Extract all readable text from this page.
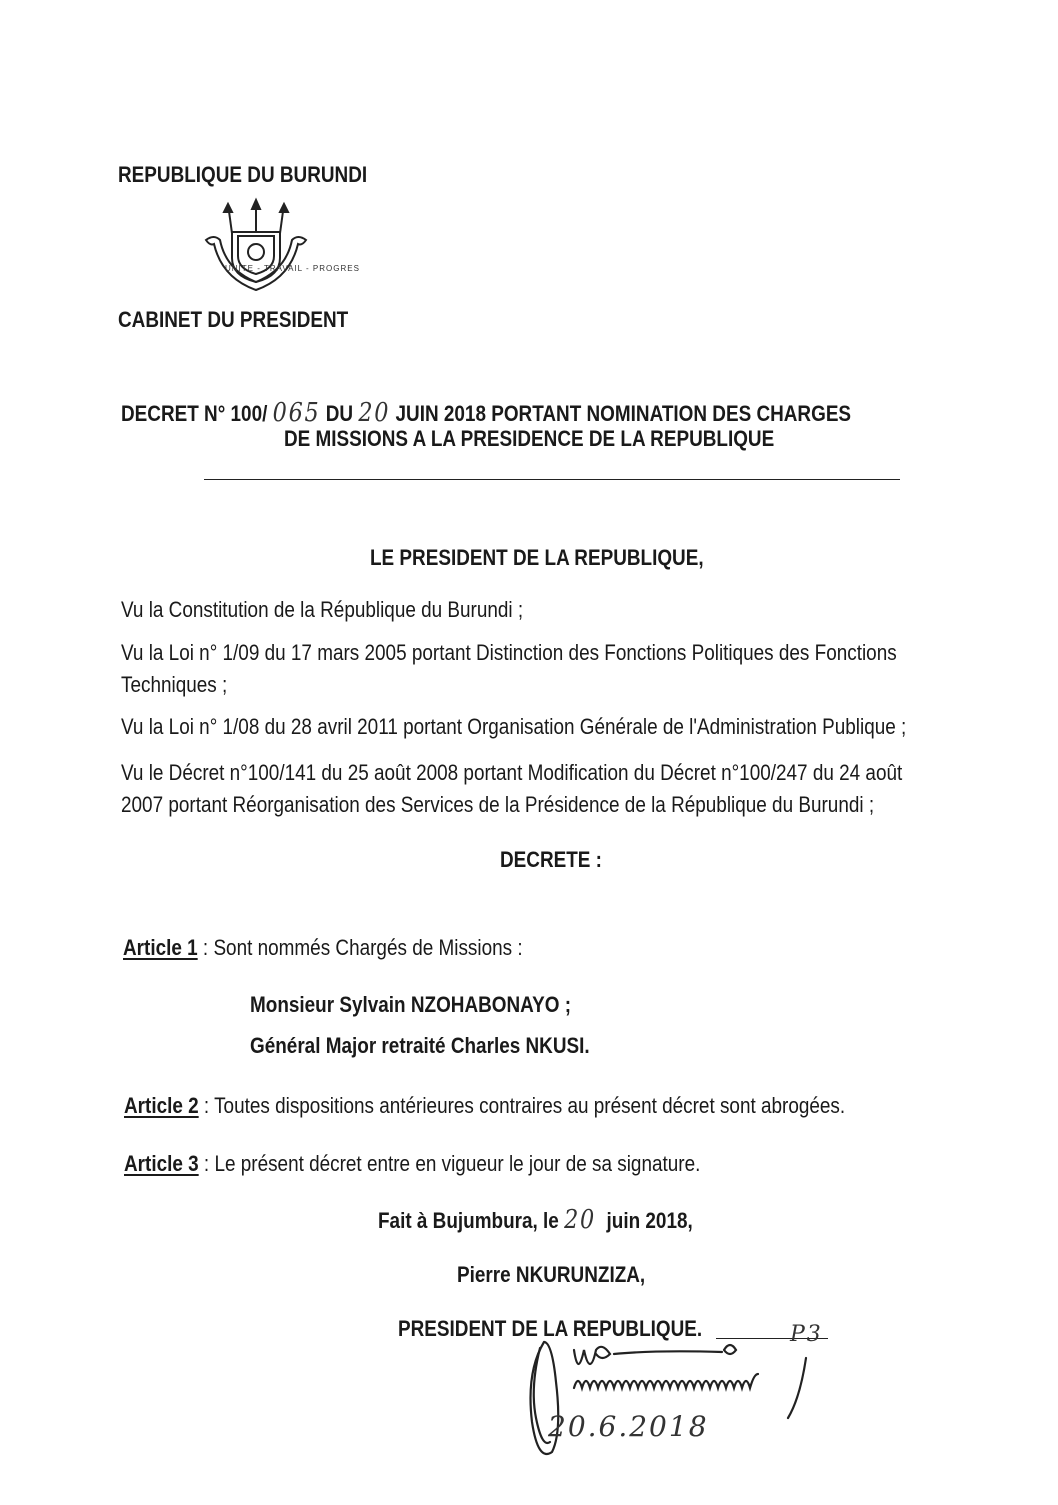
REPUBLIQUE DU BURUNDI
UNITE - TRAVAIL - PROGRES
CABINET DU PRESIDENT
DECRET N° 100/ 065 DU 20 JUIN 2018 PORTANT NOMINATION DES CHARGES
DE MISSIONS A LA PRESIDENCE DE LA REPUBLIQUE
LE PRESIDENT DE LA REPUBLIQUE,
Vu la Constitution de la République du Burundi ;
Vu la Loi n° 1/09 du 17 mars 2005 portant Distinction des Fonctions Politiques des Fonctions
Techniques ;
Vu la Loi n° 1/08 du 28 avril 2011 portant Organisation Générale de l'Administration Publique ;
Vu le Décret n°100/141 du 25 août 2008 portant Modification du Décret n°100/247 du 24 août
2007 portant Réorganisation des Services de la Présidence de la République du Burundi ;
DECRETE :
Article 1 : Sont nommés Chargés de Missions :
Monsieur Sylvain NZOHABONAYO ;
Général Major retraité Charles NKUSI.
Article 2 : Toutes dispositions antérieures contraires au présent décret sont abrogées.
Article 3 : Le présent décret entre en vigueur le jour de sa signature.
Fait à Bujumbura, le 20 juin 2018,
Pierre NKURUNZIZA,
PRESIDENT DE LA REPUBLIQUE.
20.6.2018
P3
